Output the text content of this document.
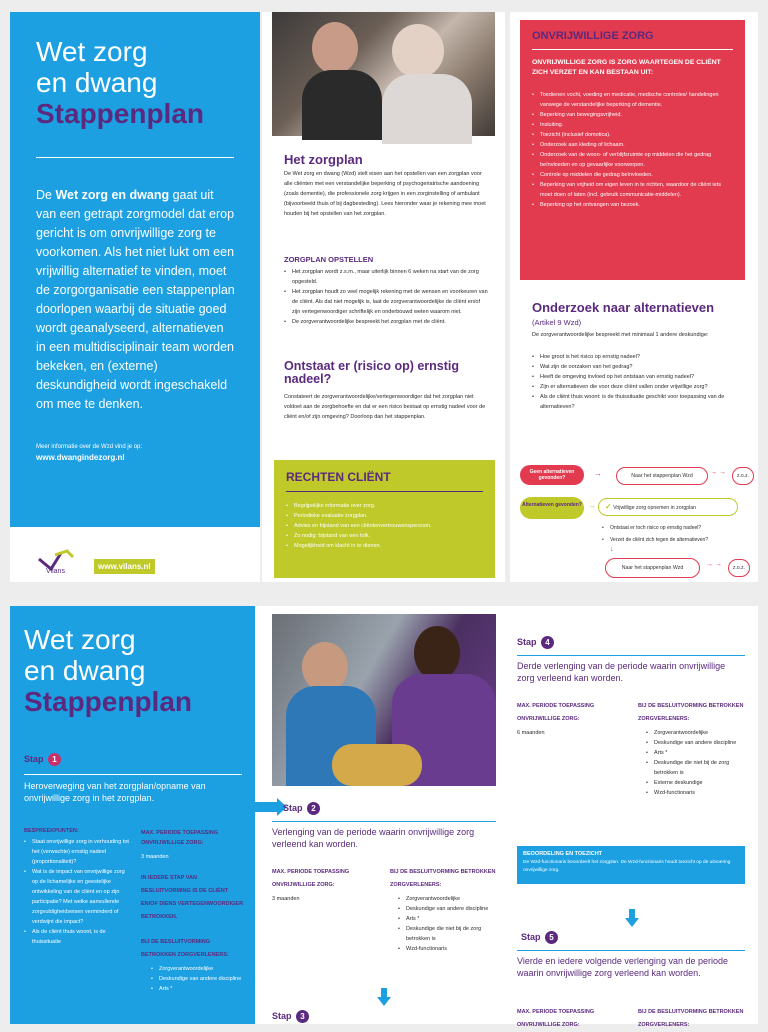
Wet zorg
en dwang
Stappenplan

De Wet zorg en dwang gaat uit van een getrapt zorgmodel dat erop gericht is om onvrijwillige zorg te voorkomen. Als het niet lukt om een vrijwillig alternatief te vinden, moet de zorgorganisatie een stappenplan doorlopen waarbij de situatie goed wordt geanalyseerd, alternatieven in een multidisciplinair team worden bekeken, en (externe) deskundigheid wordt ingeschakeld om mee te denken.

Meer informatie over de Wzd vind je op:

www.dwangindezorg.nl

Vilans
www.vilans.nl
Het zorgplan

De Wet zorg en dwang (Wzd) stelt eisen aan het opstellen van een zorgplan voor alle cliënten met een verstandelijke beperking of psychogeriatrische aandoening (zoals dementie), die professionele zorg krijgen in een zorginstelling of ambulant (bijvoorbeeld thuis of bij dagbesteding). Lees hieronder waar je rekening mee moet houden bij het opstellen van het zorgplan.

ZORGPLAN OPSTELLEN
• Het zorgplan wordt z.s.m., maar uiterlijk binnen 6 weken na start van de zorg opgesteld.
• Het zorgplan houdt zo veel mogelijk rekening met de wensen en voorkeuren van de cliënt. Als dat niet mogelijk is, laat de zorgverantwoordelijke de cliënt en/of zijn vertegenwoordiger schriftelijk en onderbouwd weten waarom niet.
• De zorgverantwoordelijke bespreekt het zorgplan met de cliënt.
Ontstaat er (risico op) ernstig nadeel?

Constateert de zorgverantwoordelijke/vertegenwoordiger dat het zorgplan niet voldoet aan de zorgbehoefte en dat er een risico bestaat op ernstig nadeel voor de cliënt en/of zijn omgeving? Doorloop dan het stappenplan.

RECHTEN CLIËNT
• Begrijpelijke informatie over zorg.
• Periodieke evaluatie zorgplan.
• Advies en bijstand van een cliëntenvertrouwenspersoon.
• Zo nodig: bijstand van een tolk.
• Mogelijkheid om klacht in te dienen.
ONVRIJWILLIGE ZORG

ONVRIJWILLIGE ZORG IS ZORG WAARTEGEN DE CLIËNT ZICH VERZET EN KAN BESTAAN UIT:

• Toedienen vocht, voeding en medicatie, medische controles/ handelingen vanwege de verstandelijke beperking of dementie.
• Beperking van bewegingsvrijheid.
• Insluiting.
• Toezicht (inclusief domotica).
• Onderzoek aan kleding of lichaam.
• Onderzoek van de woon- of verblijfsruimte op middelen die het gedrag beïnvloeden en op gevaarlijke voorwerpen.
• Controle op middelen die gedrag beïnvloeden.
• Beperking van vrijheid om eigen leven in te richten, waardoor de cliënt iets moet doen of laten (incl. gebruik communicatie-middelen).
• Beperking op het ontvangen van bezoek.
Onderzoek naar alternatieven

(Artikel 9 Wzd)

De zorgverantwoordelijke bespreekt met minimaal 1 andere deskundige:

• Hoe groot is het risico op ernstig nadeel?
• Wat zijn de oorzaken van het gedrag?
• Heeft de omgeving invloed op het ontstaan van ernstig nadeel?
• Zijn er alternatieven die voor deze cliënt vallen onder vrijwillige zorg?
• Als de cliënt thuis woont: is de thuissituatie geschikt voor toepassing van de alternatieven?
Geen alternatieven gevonden?	→	Naar het stappenplan Wzd	→ →	z.o.z.
Alternatieven gevonden? →	✓ Vrijwillige zorg opnemen in zorgplan
• Ontstaat er toch risico op ernstig nadeel?
• Verzet de cliënt zich tegen de alternatieven?
↓
Naar het stappenplan Wzd	→ →	z.o.z.
Wet zorg
en dwang
Stappenplan
Stap 1

Heroverweging van het zorgplan/opname van onvrijwillige zorg in het zorgplan.

BESPREEKPUNTEN:

• Staat onvrijwillige zorg in verhouding tot het (verwachte) ernstig nadeel (proportionaliteit)?
• Wat is de impact van onvrijwillige zorg op de lichamelijke en geestelijke ontwikkeling van de cliënt en op zijn participatie? Met welke aanvullende zorgvuldigheidseisen verminderd of verdwijnt die impact?
• Als de cliënt thuis woont, is de thuissituatie

MAX. PERIODE TOEPASSING ONVRIJWILLIGE ZORG:

3 maanden

IN IEDERE STAP VAN BESLUITVORMING IS DE CLIËNT EN/OF DIENS VERTEGENWOORDIGER BETROKKEN.

BIJ DE BESLUITVORMING BETROKKEN ZORGVERLENERS:

• Zorgverantwoordelijke
• Deskundige van andere discipline
• Arts *
Stap 2

Verlenging van de periode waarin onvrijwillige zorg verleend kan worden.

MAX. PERIODE TOEPASSING ONVRIJWILLIGE ZORG:

3 maanden

BIJ DE BESLUITVORMING BETROKKEN ZORGVERLENERS:

• Zorgverantwoordelijke
• Deskundige van andere discipline
• Arts *
• Deskundige die niet bij de zorg betrokken is
• Wzd-functionaris
Stap 3
Stap 4

Derde verlenging van de periode waarin onvrijwillige zorg verleend kan worden.

MAX. PERIODE TOEPASSING ONVRIJWILLIGE ZORG:

6 maanden

BIJ DE BESLUITVORMING BETROKKEN ZORGVERLENERS:

• Zorgverantwoordelijke
• Deskundige van andere discipline
• Arts *
• Deskundige die niet bij de zorg betrokken is
• Externe deskundige
• Wzd-functionaris

BEOORDELING EN TOEZICHT

De Wzd-functionaris beoordeelt het zorgplan. De Wzd-functionaris houdt toezicht op de uitvoering onvrijwillige zorg.

Stap 5

Vierde en iedere volgende verlenging van de periode waarin onvrijwillige zorg verleend kan worden.

MAX. PERIODE TOEPASSING ONVRIJWILLIGE ZORG:

BIJ DE BESLUITVORMING BETROKKEN ZORGVERLENERS:
